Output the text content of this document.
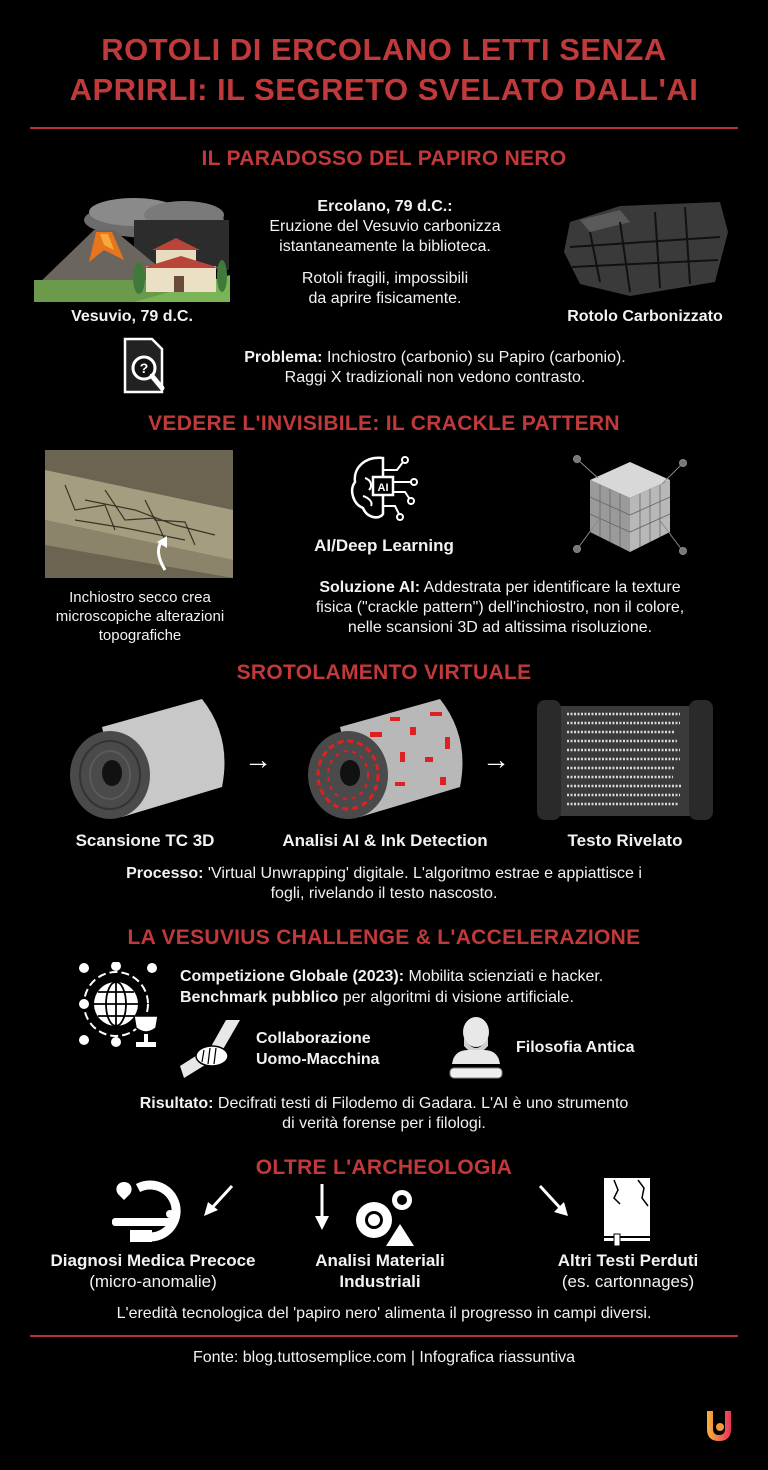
ROTOLI DI ERCOLANO LETTI SENZA
APRIRLI: IL SEGRETO SVELATO DALL'AI
IL PARADOSSO DEL PAPIRO NERO
Vesuvio, 79 d.C.
Ercolano, 79 d.C.:
Eruzione del Vesuvio carbonizza
istantaneamente la biblioteca.
Rotoli fragili, impossibili
da aprire fisicamente.
Rotolo Carbonizzato
?
Problema: Inchiostro (carbonio) su Papiro (carbonio).
Raggi X tradizionali non vedono contrasto.
VEDERE L'INVISIBILE: IL CRACKLE PATTERN
Inchiostro secco crea
microscopiche alterazioni
topografiche
AI
AI/Deep Learning
Soluzione AI: Addestrata per identificare la texture
fisica ("crackle pattern") dell'inchiostro, non il colore,
nelle scansioni 3D ad altissima risoluzione.
SROTOLAMENTO VIRTUALE
→	→
Scansione TC 3D	Analisi AI & Ink Detection	Testo Rivelato
Processo: 'Virtual Unwrapping' digitale. L'algoritmo estrae e appiattisce i
fogli, rivelando il testo nascosto.
LA VESUVIUS CHALLENGE & L'ACCELERAZIONE
Competizione Globale (2023): Mobilita scienziati e hacker.
Benchmark pubblico per algoritmi di visione artificiale.
Collaborazione
Uomo-Macchina
Filosofia Antica
Risultato: Decifrati testi di Filodemo di Gadara. L'AI è uno strumento
di verità forense per i filologi.
OLTRE L'ARCHEOLOGIA
Diagnosi Medica Precoce
(micro-anomalie)
Analisi Materiali
Industriali
Altri Testi Perduti
(es. cartonnages)
L'eredità tecnologica del 'papiro nero' alimenta il progresso in campi diversi.
Fonte: blog.tuttosemplice.com | Infografica riassuntiva
